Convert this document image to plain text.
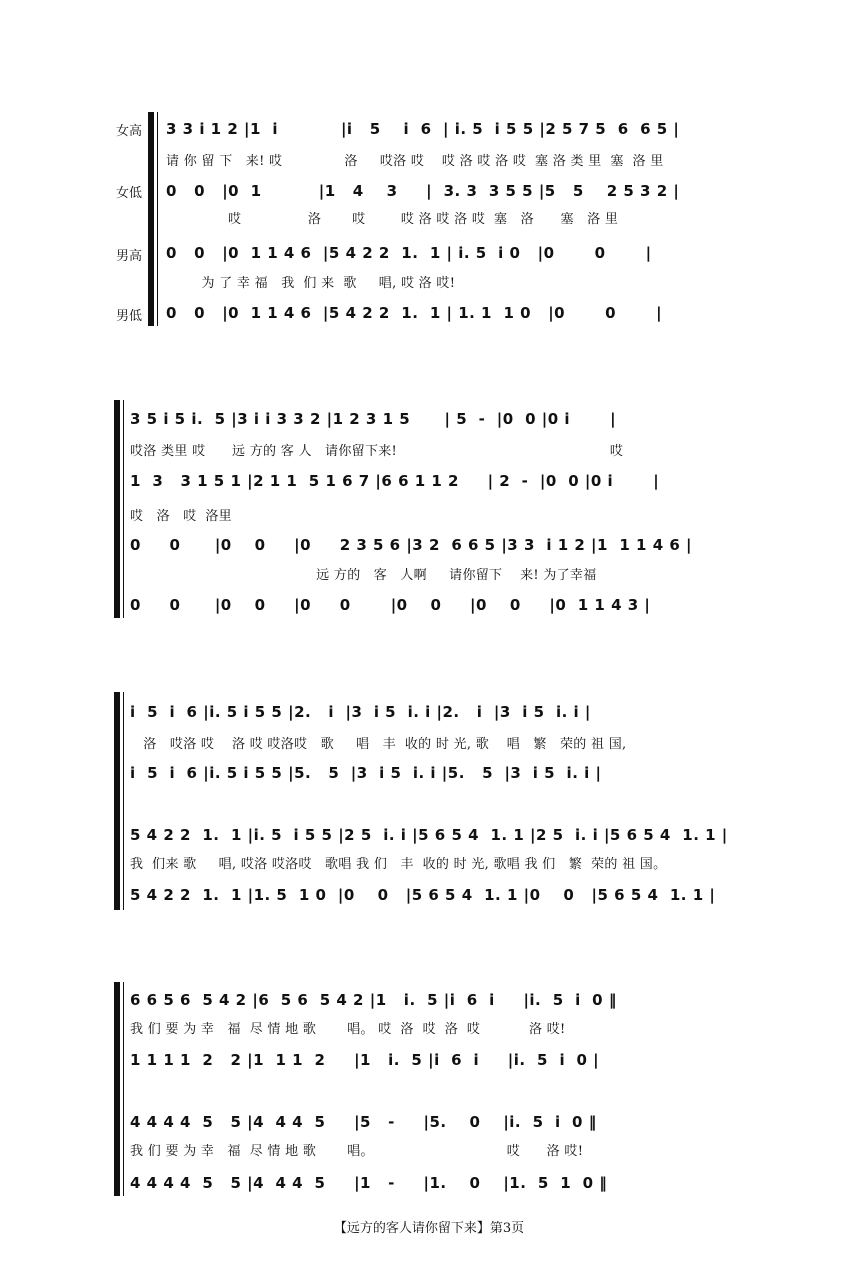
女高
女低
男高
男低
3 3 i 1 2 |1  i           |i   5    i  6  | i. 5  i 5 5 |2 5 7 5  6  6 5 |
请 你 留 下   来! 哎              洛     哎洛 哎    哎 洛 哎 洛 哎  塞 洛 类 里  塞  洛 里
0   0   |0  1          |1   4    3     |  3. 3  3 5 5 |5   5    2 5 3 2 |
哎               洛       哎        哎 洛 哎 洛 哎  塞   洛      塞   洛 里
0   0   |0  1 1 4 6  |5 4 2 2  1.  1 | i. 5  i 0   |0       0       |
为 了 幸 福   我  们 来  歌     唱, 哎 洛 哎!
0   0   |0  1 1 4 6  |5 4 2 2  1.  1 | 1. 1  1 0   |0       0       |
3 5 i 5 i.  5 |3 i i 3 3 2 |1 2 3 1 5      | 5  -  |0  0 |0 i       |
哎洛 类里 哎      远 方的 客 人   请你留下来!                                                哎
1  3   3 1 5 1 |2 1 1  5 1 6 7 |6 6 1 1 2     | 2  -  |0  0 |0 i       |
哎   洛   哎  洛里
0     0      |0    0     |0     2 3 5 6 |3 2  6 6 5 |3 3  i 1 2 |1  1 1 4 6 |
远 方的   客   人啊     请你留下    来! 为了幸福
0     0      |0    0     |0     0       |0    0     |0    0     |0  1 1 4 3 |
i  5  i  6 |i. 5 i 5 5 |2.   i  |3  i 5  i. i |2.   i  |3  i 5  i. i |
洛   哎洛 哎    洛 哎 哎洛哎   歌     唱   丰  收的 时 光, 歌    唱   繁   荣的 祖 国,
i  5  i  6 |i. 5 i 5 5 |5.   5  |3  i 5  i. i |5.   5  |3  i 5  i. i |
5 4 2 2  1.  1 |i. 5  i 5 5 |2 5  i. i |5 6 5 4  1. 1 |2 5  i. i |5 6 5 4  1. 1 |
我  们来 歌     唱, 哎洛 哎洛哎   歌唱 我 们   丰  收的 时 光, 歌唱 我 们   繁  荣的 祖 国。
5 4 2 2  1.  1 |1. 5  1 0  |0    0   |5 6 5 4  1. 1 |0    0   |5 6 5 4  1. 1 |
6 6 5 6  5 4 2 |6  5 6  5 4 2 |1   i.  5 |i  6  i     |i.  5  i  0 ‖
我 们 要 为 幸   福  尽 情 地 歌       唱。 哎  洛  哎  洛  哎           洛 哎!
1 1 1 1  2   2 |1  1 1  2     |1   i.  5 |i  6  i     |i.  5  i  0 |
4 4 4 4  5   5 |4  4 4  5     |5   -     |5.    0    |i.  5  i  0 ‖
我 们 要 为 幸   福  尽 情 地 歌       唱。                              哎      洛 哎!
4 4 4 4  5   5 |4  4 4  5     |1   -     |1.    0    |1.  5  1  0 ‖
【远方的客人请你留下来】第3页
